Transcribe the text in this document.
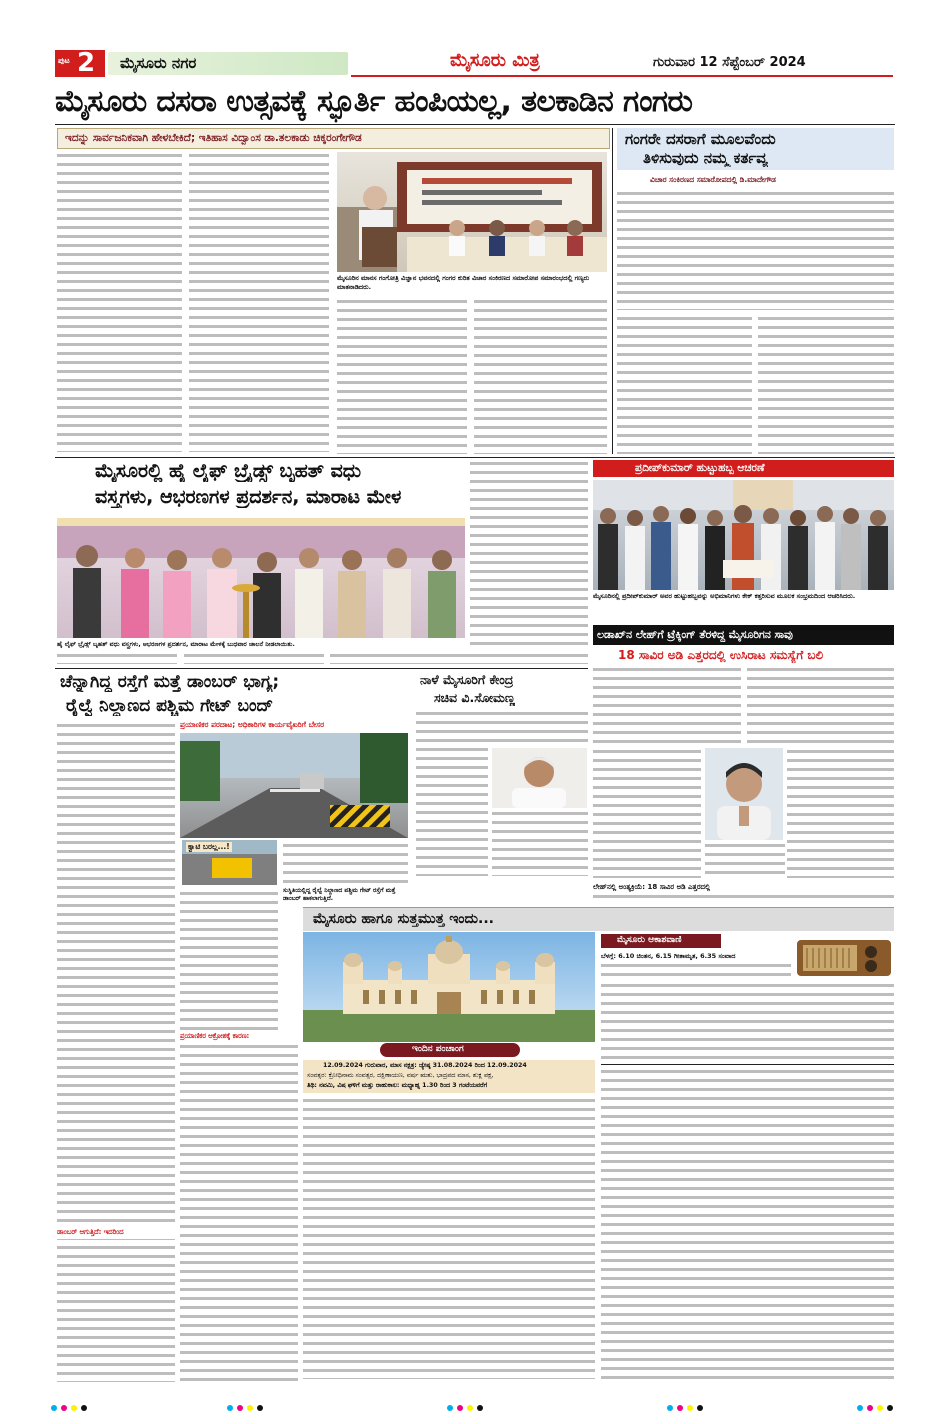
ಪುಟ 2 ಮೈಸೂರು ನಗರ	ಮೈಸೂರು ಮಿತ್ರ	ಗುರುವಾರ 12 ಸೆಪ್ಟೆಂಬರ್ 2024
ಮೈಸೂರು ದಸರಾ ಉತ್ಸವಕ್ಕೆ ಸ್ಫೂರ್ತಿ ಹಂಪಿಯಲ್ಲ, ತಲಕಾಡಿನ ಗಂಗರು
ಇದನ್ನು ಸಾರ್ವಜನಿಕವಾಗಿ ಹೇಳಬೇಕಿದೆ; ಇತಿಹಾಸ ವಿದ್ವಾಂಸ ಡಾ.ತಲಕಾಡು ಚಿಕ್ಕರಂಗೇಗೌಡ
ಮೈಸೂರಿನ ಮಾನಸ ಗಂಗೋತ್ರಿ ವಿಜ್ಞಾನ ಭವನದಲ್ಲಿ ಗಂಗರ ಕುರಿತ ವಿಚಾರ ಸಂಕಿರಣದ ಸಮಾರೋಪ ಸಮಾರಂಭದಲ್ಲಿ ಗಣ್ಯರು ಮಾತನಾಡಿದರು.
ಗಂಗರೇ ದಸರಾಗೆ ಮೂಲವೆಂದು
ತಿಳಿಸುವುದು ನಮ್ಮ ಕರ್ತವ್ಯ
ವಿಚಾರ ಸಂಕಿರಣದ ಸಮಾರೋಪದಲ್ಲಿ ಡಿ.ಮಾದೇಗೌಡ
ಮೈಸೂರಲ್ಲಿ ಹೈ ಲೈಫ್ ಬ್ರೈಡ್ಸ್ ಬೃಹತ್ ವಧು
ವಸ್ತ್ರಗಳು, ಆಭರಣಗಳ ಪ್ರದರ್ಶನ, ಮಾರಾಟ ಮೇಳ
ಹೈ ಲೈಫ್ ಬ್ರೈಡ್ಸ್ ಬೃಹತ್ ವಧು ವಸ್ತ್ರಗಳು, ಆಭರಣಗಳ ಪ್ರದರ್ಶನ, ಮಾರಾಟ ಮೇಳಕ್ಕೆ ಬುಧವಾರ ಚಾಲನೆ ನೀಡಲಾಯಿತು.
ಪ್ರದೀಪ್‌ಕುಮಾರ್ ಹುಟ್ಟುಹಬ್ಬ ಆಚರಣೆ
ಮೈಸೂರಿನಲ್ಲಿ ಪ್ರದೀಪ್‌ಕುಮಾರ್ ಅವರ ಹುಟ್ಟುಹಬ್ಬವನ್ನು ಅಭಿಮಾನಿಗಳು ಕೇಕ್ ಕತ್ತರಿಸುವ ಮೂಲಕ ಸಂಭ್ರಮದಿಂದ ಆಚರಿಸಿದರು.
ಲಡಾಖ್‌ನ ಲೇಹ್‌ಗೆ ಟ್ರೆಕ್ಕಿಂಗ್ ತೆರಳಿದ್ದ ಮೈಸೂರಿಗನ ಸಾವು
18 ಸಾವಿರ ಅಡಿ ಎತ್ತರದಲ್ಲಿ ಉಸಿರಾಟ ಸಮಸ್ಯೆಗೆ ಬಲಿ
ಚೆನ್ನಾಗಿದ್ದ ರಸ್ತೆಗೆ ಮತ್ತೆ ಡಾಂಬರ್ ಭಾಗ್ಯ;
ರೈಲ್ವೆ ನಿಲ್ದಾಣದ ಪಶ್ಚಿಮ ಗೇಟ್ ಬಂದ್
ಪ್ರಯಾಣಿಕರ ಪರದಾಟ; ಅಧಿಕಾರಿಗಳ ಕಾರ್ಯವೈಖರಿಗೆ ಬೇಸರ
ಡಾಂಬರ್ ಆಗುತ್ತಿದೆ: ಇದರಿಂದ
ಕ್ವಾಟಿ ಬರಲ್ಲ...!
ಸುಸ್ಥಿತಿಯಲ್ಲಿದ್ದ ರೈಲ್ವೆ ನಿಲ್ದಾಣದ ಪಶ್ಚಿಮ ಗೇಟ್ ರಸ್ತೆಗೆ ಮತ್ತೆ ಡಾಂಬರ್ ಹಾಕಲಾಗುತ್ತಿದೆ.
ಪ್ರಯಾಣಿಕರ ಆಕ್ರೋಶಕ್ಕೆ ಕಾರಣ:
ನಾಳೆ ಮೈಸೂರಿಗೆ ಕೇಂದ್ರ
ಸಚಿವ ವಿ.ಸೋಮಣ್ಣ
ಲೇಹ್‌ನಲ್ಲಿ ಅಂತ್ಯಕ್ರಿಯೆ: 18 ಸಾವಿರ ಅಡಿ ಎತ್ತರದಲ್ಲಿ
ಮೈಸೂರು ಹಾಗೂ ಸುತ್ತಮುತ್ತ ಇಂದು...
ಇಂದಿನ ಪಂಚಾಂಗ
12.09.2024 ಗುರುವಾರ, ಮಾಸ ನಕ್ಷತ್ರ: ಜ್ಯೇಷ್ಠ 31.08.2024 ರಿಂದ 12.09.2024
ಸಂವತ್ಸರ: ಕ್ರೋಧಿನಾಮ ಸಂವತ್ಸರ, ದಕ್ಷಿಣಾಯಣ, ವರ್ಷ ಋತು, ಭಾದ್ರಪದ ಮಾಸ, ಶುಕ್ಲ ಪಕ್ಷ,
ತಿಥಿ: ನವಮಿ, ವಿಷ ಘಳಿಗೆ ಮತ್ತು ರಾಹುಕಾಲ: ಮಧ್ಯಾಹ್ನ 1.30 ರಿಂದ 3 ಗಂಟೆಯವರೆಗೆ
ಮೈಸೂರು ಆಕಾಶವಾಣಿ
ಬೆಳಗ್ಗೆ: 6.10 ಚಿಂತನ, 6.15 ಗೀತಾಮೃತ, 6.35 ಸಂವಾದ
